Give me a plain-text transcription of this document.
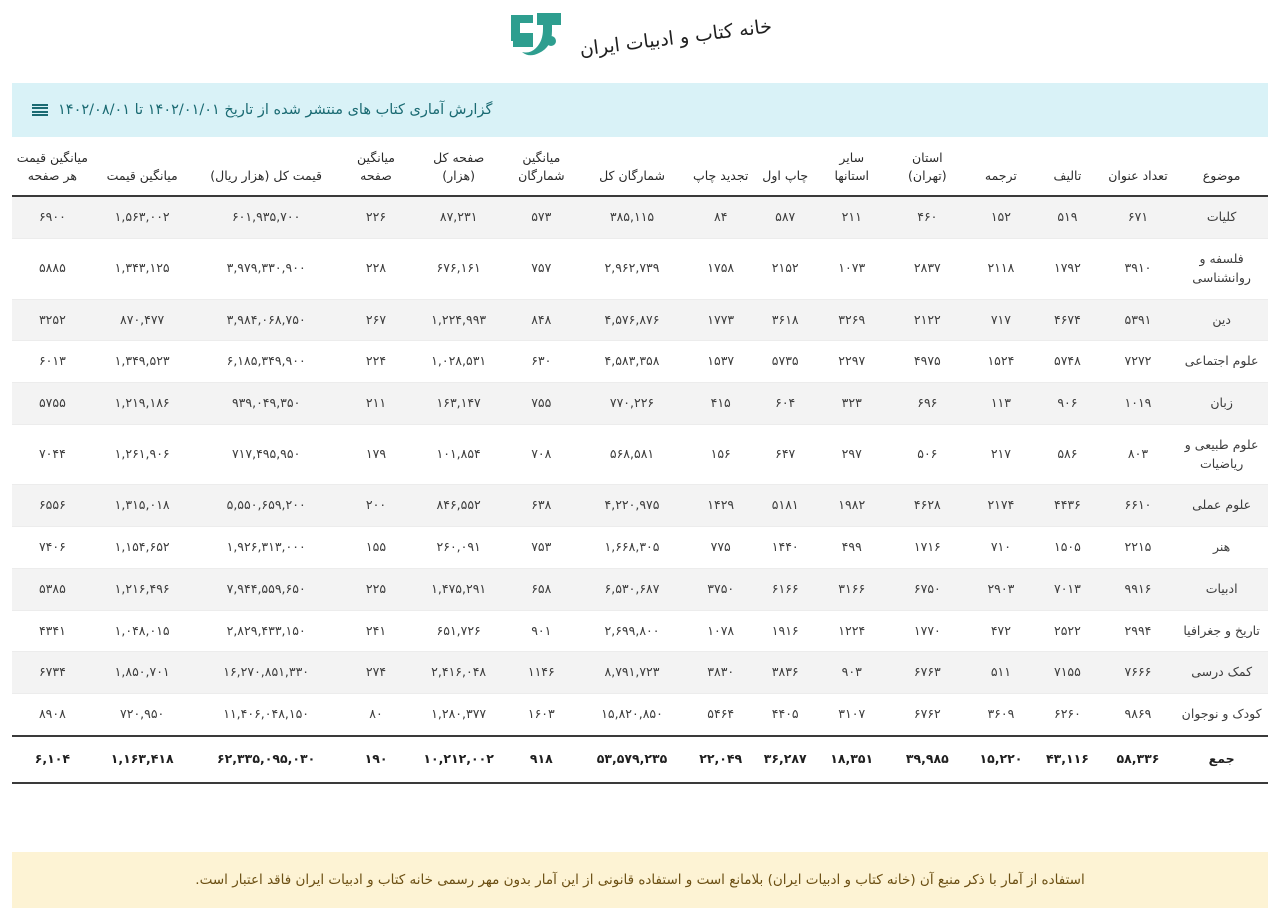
خانه کتاب و ادبیات ایران
گزارش آماری کتاب های منتشر شده از تاریخ ۱۴۰۲/۰۱/۰۱ تا ۱۴۰۲/۰۸/۰۱
موضوع	تعداد عنوان	تالیف	ترجمه	استان (تهران)	سایر استانها	چاپ اول	تجدید چاپ	شمارگان کل	میانگین شمارگان	صفحه کل (هزار)	میانگین صفحه	قیمت کل (هزار ریال)	میانگین قیمت	میانگین قیمت هر صفحه
کلیات	۶۷۱	۵۱۹	۱۵۲	۴۶۰	۲۱۱	۵۸۷	۸۴	۳۸۵,۱۱۵	۵۷۳	۸۷,۲۳۱	۲۲۶	۶۰۱,۹۳۵,۷۰۰	۱,۵۶۳,۰۰۲	۶۹۰۰
فلسفه و روانشناسی	۳۹۱۰	۱۷۹۲	۲۱۱۸	۲۸۳۷	۱۰۷۳	۲۱۵۲	۱۷۵۸	۲,۹۶۲,۷۳۹	۷۵۷	۶۷۶,۱۶۱	۲۲۸	۳,۹۷۹,۳۳۰,۹۰۰	۱,۳۴۳,۱۲۵	۵۸۸۵
دین	۵۳۹۱	۴۶۷۴	۷۱۷	۲۱۲۲	۳۲۶۹	۳۶۱۸	۱۷۷۳	۴,۵۷۶,۸۷۶	۸۴۸	۱,۲۲۴,۹۹۳	۲۶۷	۳,۹۸۴,۰۶۸,۷۵۰	۸۷۰,۴۷۷	۳۲۵۲
علوم اجتماعی	۷۲۷۲	۵۷۴۸	۱۵۲۴	۴۹۷۵	۲۲۹۷	۵۷۳۵	۱۵۳۷	۴,۵۸۳,۳۵۸	۶۳۰	۱,۰۲۸,۵۳۱	۲۲۴	۶,۱۸۵,۳۴۹,۹۰۰	۱,۳۴۹,۵۲۳	۶۰۱۳
زبان	۱۰۱۹	۹۰۶	۱۱۳	۶۹۶	۳۲۳	۶۰۴	۴۱۵	۷۷۰,۲۲۶	۷۵۵	۱۶۳,۱۴۷	۲۱۱	۹۳۹,۰۴۹,۳۵۰	۱,۲۱۹,۱۸۶	۵۷۵۵
علوم طبیعی و ریاضیات	۸۰۳	۵۸۶	۲۱۷	۵۰۶	۲۹۷	۶۴۷	۱۵۶	۵۶۸,۵۸۱	۷۰۸	۱۰۱,۸۵۴	۱۷۹	۷۱۷,۴۹۵,۹۵۰	۱,۲۶۱,۹۰۶	۷۰۴۴
علوم عملی	۶۶۱۰	۴۴۳۶	۲۱۷۴	۴۶۲۸	۱۹۸۲	۵۱۸۱	۱۴۲۹	۴,۲۲۰,۹۷۵	۶۳۸	۸۴۶,۵۵۲	۲۰۰	۵,۵۵۰,۶۵۹,۲۰۰	۱,۳۱۵,۰۱۸	۶۵۵۶
هنر	۲۲۱۵	۱۵۰۵	۷۱۰	۱۷۱۶	۴۹۹	۱۴۴۰	۷۷۵	۱,۶۶۸,۳۰۵	۷۵۳	۲۶۰,۰۹۱	۱۵۵	۱,۹۲۶,۳۱۳,۰۰۰	۱,۱۵۴,۶۵۲	۷۴۰۶
ادبیات	۹۹۱۶	۷۰۱۳	۲۹۰۳	۶۷۵۰	۳۱۶۶	۶۱۶۶	۳۷۵۰	۶,۵۳۰,۶۸۷	۶۵۸	۱,۴۷۵,۲۹۱	۲۲۵	۷,۹۴۴,۵۵۹,۶۵۰	۱,۲۱۶,۴۹۶	۵۳۸۵
تاریخ و جغرافیا	۲۹۹۴	۲۵۲۲	۴۷۲	۱۷۷۰	۱۲۲۴	۱۹۱۶	۱۰۷۸	۲,۶۹۹,۸۰۰	۹۰۱	۶۵۱,۷۲۶	۲۴۱	۲,۸۲۹,۴۳۳,۱۵۰	۱,۰۴۸,۰۱۵	۴۳۴۱
کمک درسی	۷۶۶۶	۷۱۵۵	۵۱۱	۶۷۶۳	۹۰۳	۳۸۳۶	۳۸۳۰	۸,۷۹۱,۷۲۳	۱۱۴۶	۲,۴۱۶,۰۴۸	۲۷۴	۱۶,۲۷۰,۸۵۱,۳۳۰	۱,۸۵۰,۷۰۱	۶۷۳۴
کودک و نوجوان	۹۸۶۹	۶۲۶۰	۳۶۰۹	۶۷۶۲	۳۱۰۷	۴۴۰۵	۵۴۶۴	۱۵,۸۲۰,۸۵۰	۱۶۰۳	۱,۲۸۰,۳۷۷	۸۰	۱۱,۴۰۶,۰۴۸,۱۵۰	۷۲۰,۹۵۰	۸۹۰۸
جمع	۵۸,۳۳۶	۴۳,۱۱۶	۱۵,۲۲۰	۳۹,۹۸۵	۱۸,۳۵۱	۳۶,۲۸۷	۲۲,۰۴۹	۵۳,۵۷۹,۲۳۵	۹۱۸	۱۰,۲۱۲,۰۰۲	۱۹۰	۶۲,۳۳۵,۰۹۵,۰۳۰	۱,۱۶۳,۴۱۸	۶,۱۰۴
استفاده از آمار با ذکر منبع آن (خانه کتاب و ادبیات ایران) بلامانع است و استفاده قانونی از این آمار بدون مهر رسمی خانه کتاب و ادبیات ایران فاقد اعتبار است.
